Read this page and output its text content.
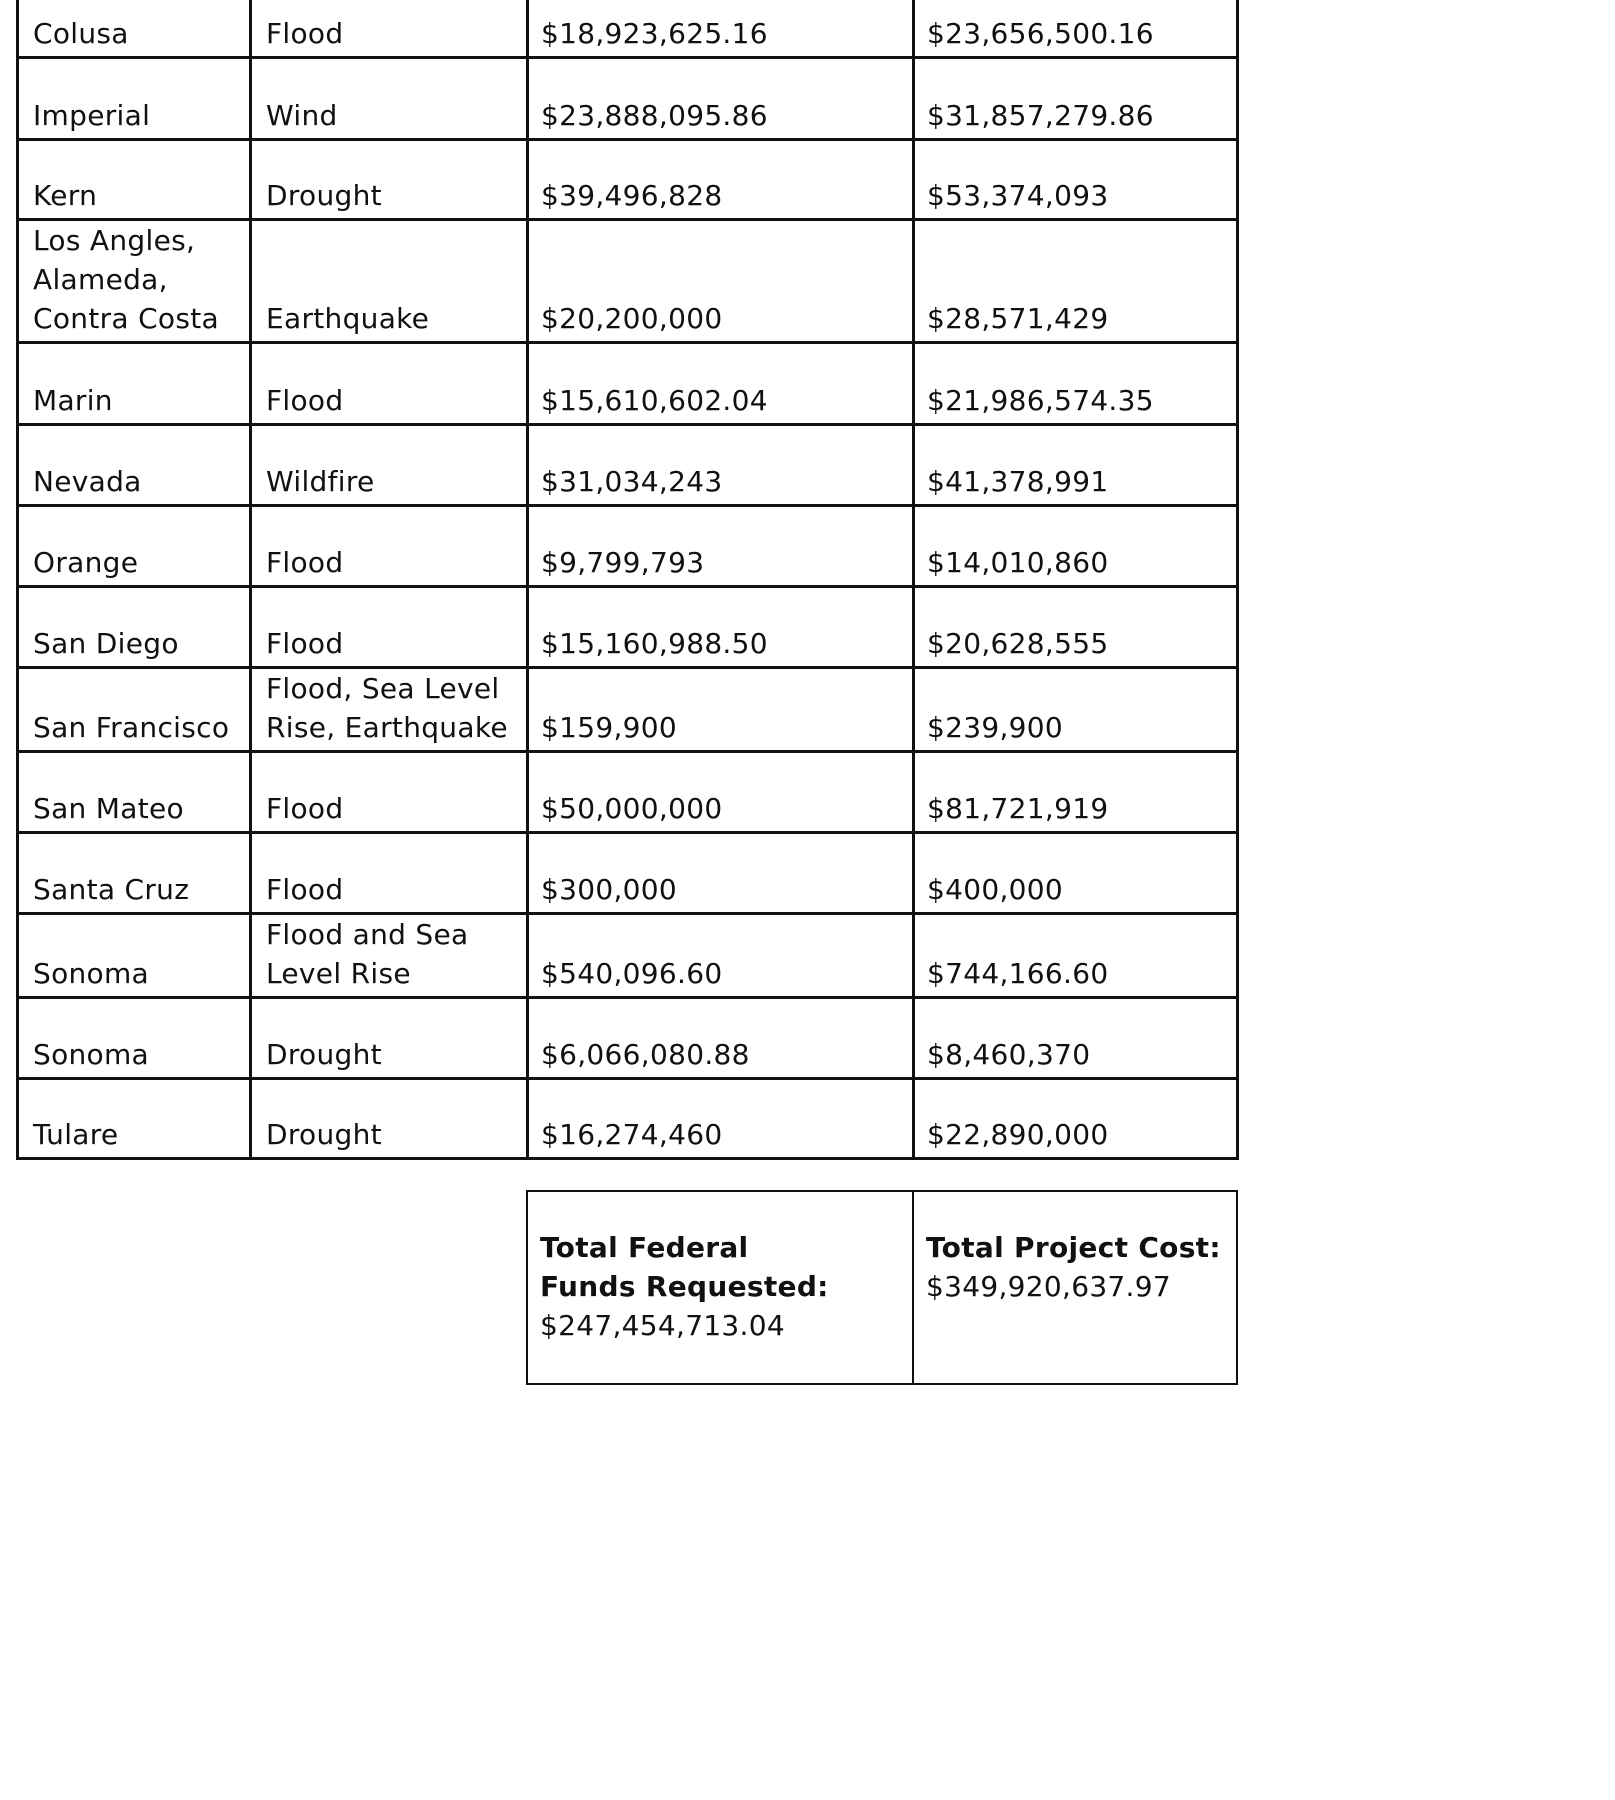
Colusa	Flood	$18,923,625.16	$23,656,500.16
Imperial	Wind	$23,888,095.86	$31,857,279.86
Kern	Drought	$39,496,828	$53,374,093
Los Angles, Alameda, Contra Costa	Earthquake	$20,200,000	$28,571,429
Marin	Flood	$15,610,602.04	$21,986,574.35
Nevada	Wildfire	$31,034,243	$41,378,991
Orange	Flood	$9,799,793	$14,010,860
San Diego	Flood	$15,160,988.50	$20,628,555
San Francisco	Flood, Sea Level Rise, Earthquake	$159,900	$239,900
San Mateo	Flood	$50,000,000	$81,721,919
Santa Cruz	Flood	$300,000	$400,000
Sonoma	Flood and Sea Level Rise	$540,096.60	$744,166.60
Sonoma	Drought	$6,066,080.88	$8,460,370
Tulare	Drought	$16,274,460	$22,890,000
Total Federal Funds Requested:
$247,454,713.04	
Total Project Cost:
$349,920,637.97
